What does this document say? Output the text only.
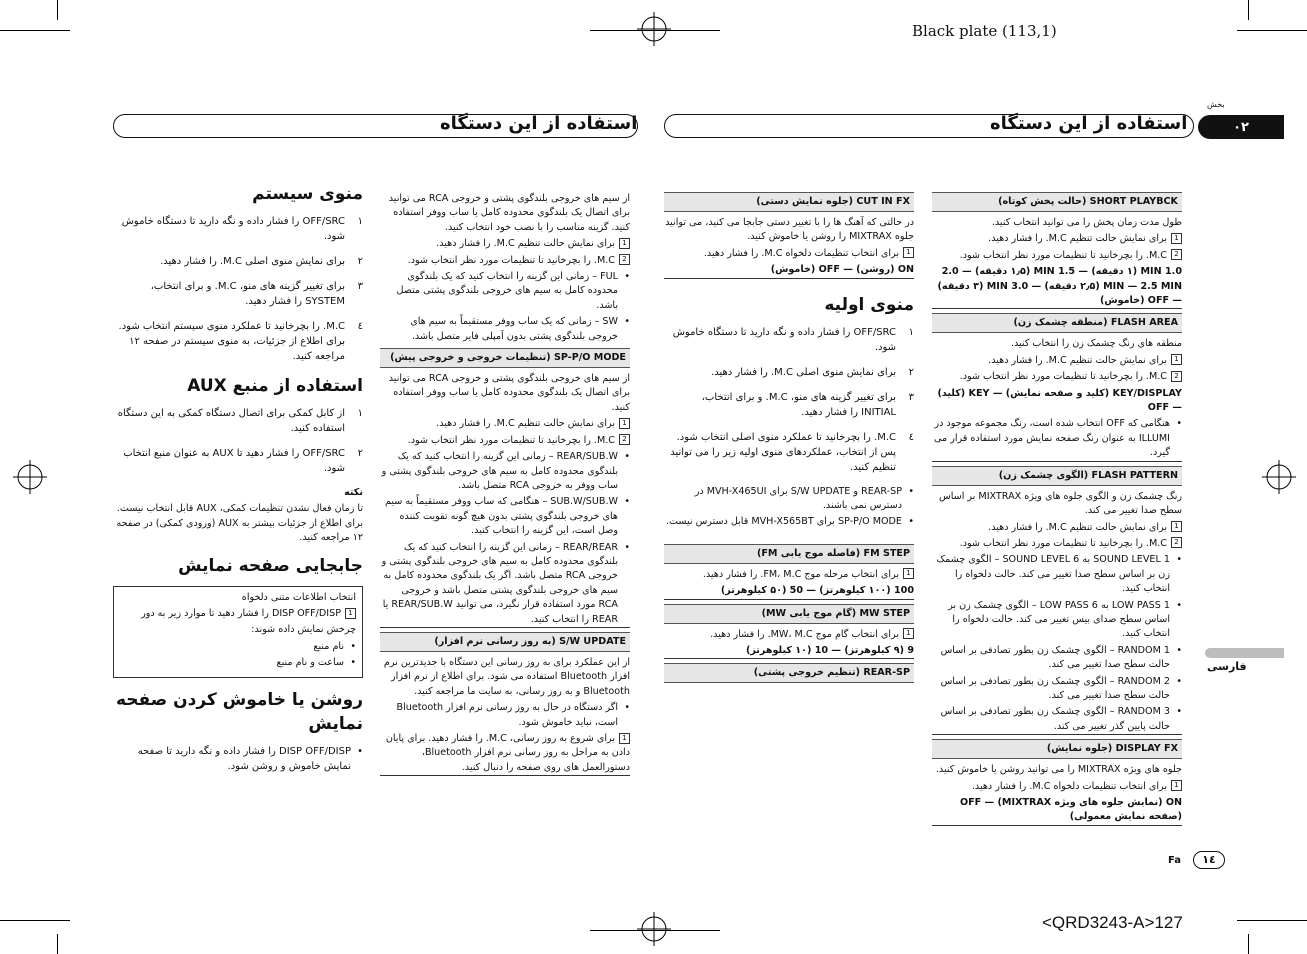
Black plate (113,1)
استفاده از این دستگاه	استفاده از این دستگاه
بخش
٠٢
فارسی
منوی سیستم
١
OFF/SRC را فشار داده و نگه دارید تا دستگاه خاموش شود.
٢
برای نمایش منوی اصلی M.C. را فشار دهید.
٣
برای تغییر گزینه های منو، M.C. و برای انتخاب، SYSTEM را فشار دهید.
٤
M.C. را بچرخانید تا عملکرد منوی سیستم انتخاب شود. برای اطلاع از جزئیات، به منوی سیستم در صفحه ۱۲ مراجعه کنید.
استفاده از منبع AUX
١
از کابل کمکی برای اتصال دستگاه کمکی به این دستگاه استفاده کنید.
٢
OFF/SRC را فشار دهید تا AUX به عنوان منبع انتخاب شود.

نکته

تا زمان فعال نشدن تنظیمات کمکی، AUX قابل انتخاب نیست. برای اطلاع از جزئیات بیشتر به AUX (ورودی کمکی) در صفحه ۱۲ مراجعه کنید.

جابجایی صفحه نمایش

انتخاب اطلاعات متنی دلخواه

1DISP OFF/DISP را فشار دهید تا موارد زیر به دور

چرخش نمایش داده شوند:

• نام منبع

• ساعت و نام منبع

روشن یا خاموش کردن صفحه نمایش

• DISP OFF/DISP را فشار داده و نگه دارید تا صفحه نمایش خاموش و روشن شود.

از سیم های خروجی بلندگوی پشتی و خروجی RCA می توانید برای اتصال یک بلندگوی محدوده کامل یا ساب ووفر استفاده کنید. گزینه مناسب را با نصب خود انتخاب کنید.

1برای نمایش حالت تنظیم M.C. را فشار دهید.

2M.C. را بچرخانید تا تنظیمات مورد نظر انتخاب شود.

• FUL – زمانی این گزینه را انتخاب کنید که یک بلندگوی محدوده کامل به سیم های خروجی بلندگوی پشتی متصل باشد.

• SW – زمانی که یک ساب ووفر مستقیماً به سیم های خروجی بلندگوی پشتی بدون آمپلی فایر متصل باشد.

SP-P/O MODE (تنظیمات خروجی و خروجی پیش)

از سیم های خروجی بلندگوی پشتی و خروجی RCA می توانید برای اتصال یک بلندگوی محدوده کامل یا ساب ووفر استفاده کنید.

1برای نمایش حالت تنظیم M.C. را فشار دهید.

2M.C. را بچرخانید تا تنظیمات مورد نظر انتخاب شود.

• REAR/SUB.W – زمانی این گزینه را انتخاب کنید که یک بلندگوی محدوده کامل به سیم های خروجی بلندگوی پشتی و ساب ووفر به خروجی RCA متصل باشد.

• SUB.W/SUB.W – هنگامی که ساب ووفر مستقیماً به سیم های خروجی بلندگوی پشتی بدون هیچ گونه تقویت کننده وصل است، این گزینه را انتخاب کنید.

• REAR/REAR – زمانی این گزینه را انتخاب کنید که یک بلندگوی محدوده کامل به سیم های خروجی بلندگوی پشتی و خروجی RCA متصل باشد. اگر یک بلندگوی محدوده کامل به سیم های خروجی بلندگوی پشتی متصل باشد و خروجی RCA مورد استفاده قرار نگیرد، می توانید REAR/SUB.W یا REAR را انتخاب کنید.

S/W UPDATE (به روز رسانی نرم افزار)

از این عملکرد برای به روز رسانی این دستگاه با جدیدترین نرم افزار Bluetooth استفاده می شود. برای اطلاع از نرم افزار Bluetooth و به روز رسانی، به سایت ما مراجعه کنید.

• اگر دستگاه در حال به روز رسانی نرم افزار Bluetooth است، نباید خاموش شود.

1برای شروع به روز رسانی، M.C. را فشار دهید. برای پایان دادن به مراحل به روز رسانی نرم افزار Bluetooth، دستورالعمل های روی صفحه را دنبال کنید.

CUT IN FX (جلوه نمایش دستی)

در حالتی که آهنگ ها را با تغییر دستی جابجا می کنید، می توانید جلوه MIXTRAX را روشن یا خاموش کنید.

1برای انتخاب تنظیمات دلخواه M.C. را فشار دهید.

ON (روشن) — OFF (خاموش)

منوی اولیه
١
OFF/SRC را فشار داده و نگه دارید تا دستگاه خاموش شود.
٢
برای نمایش منوی اصلی M.C. را فشار دهید.
٣
برای تغییر گزینه های منو، M.C. و برای انتخاب، INITIAL را فشار دهید.
٤
M.C. را بچرخانید تا عملکرد منوی اصلی انتخاب شود. پس از انتخاب، عملکردهای منوی اولیه زیر را می توانید تنظیم کنید.

• REAR-SP و S/W UPDATE برای MVH-X465UI در دسترس نمی باشند.

• SP-P/O MODE برای MVH-X565BT قابل دسترس نیست.

FM STEP (فاصله موج یابی FM)

1برای انتخاب مرحله موج FM، M.C. را فشار دهید.

100 (۱۰۰ کیلوهرتز) — 50 (۵۰ کیلوهرتز)

MW STEP (گام موج یابی MW)

1برای انتخاب گام موج MW، M.C. را فشار دهید.

9 (۹ کیلوهرتز) — 10 (۱۰ کیلوهرتز)

REAR-SP (تنظیم خروجی پشتی)
SHORT PLAYBCK (حالت پخش کوتاه)

طول مدت زمان پخش را می توانید انتخاب کنید.

1برای نمایش حالت تنظیم M.C. را فشار دهید.

2M.C. را بچرخانید تا تنظیمات مورد نظر انتخاب شود.

1.0 MIN (۱ دقیقه) — 1.5 MIN (۱٫۵ دقیقه) — 2.0 MIN — 2.5 MIN (۲٫۵ دقیقه) — 3.0 MIN (۳ دقیقه) — OFF (خاموش)

FLASH AREA (منطقه چشمک زن)

منطقه های رنگ چشمک زن را انتخاب کنید.

1برای نمایش حالت تنظیم M.C. را فشار دهید.

2M.C. را بچرخانید تا تنظیمات مورد نظر انتخاب شود.

KEY/DISPLAY (کلید و صفحه نمایش) — KEY (کلید) — OFF

• هنگامی که OFF انتخاب شده است، رنگ مجموعه موجود در ILLUMI به عنوان رنگ صفحه نمایش مورد استفاده قرار می گیرد.

FLASH PATTERN (الگوی چشمک زن)

رنگ چشمک زن و الگوی جلوه های ویژه MIXTRAX بر اساس سطح صدا تغییر می کند.

1برای نمایش حالت تنظیم M.C. را فشار دهید.

2M.C. را بچرخانید تا تنظیمات مورد نظر انتخاب شود.

• SOUND LEVEL 1 به SOUND LEVEL 6 – الگوی چشمک زن بر اساس سطح صدا تغییر می کند. حالت دلخواه را انتخاب کنید.

• LOW PASS 1 به LOW PASS 6 – الگوی چشمک زن بر اساس سطح صدای بیس تغییر می کند. حالت دلخواه را انتخاب کنید.

• RANDOM 1 – الگوی چشمک زن بطور تصادفی بر اساس حالت سطح صدا تغییر می کند.

• RANDOM 2 – الگوی چشمک زن بطور تصادفی بر اساس حالت سطح صدا تغییر می کند.

• RANDOM 3 – الگوی چشمک زن بطور تصادفی بر اساس حالت پایین گذر تغییر می کند.

DISPLAY FX (جلوه نمایش)

جلوه های ویژه MIXTRAX را می توانید روشن یا خاموش کنید.

1برای انتخاب تنظیمات دلخواه M.C. را فشار دهید.

ON (نمایش جلوه های ویژه MIXTRAX) — OFF (صفحه نمایش معمولی)

Fa	١٤
<QRD3243-A>127
